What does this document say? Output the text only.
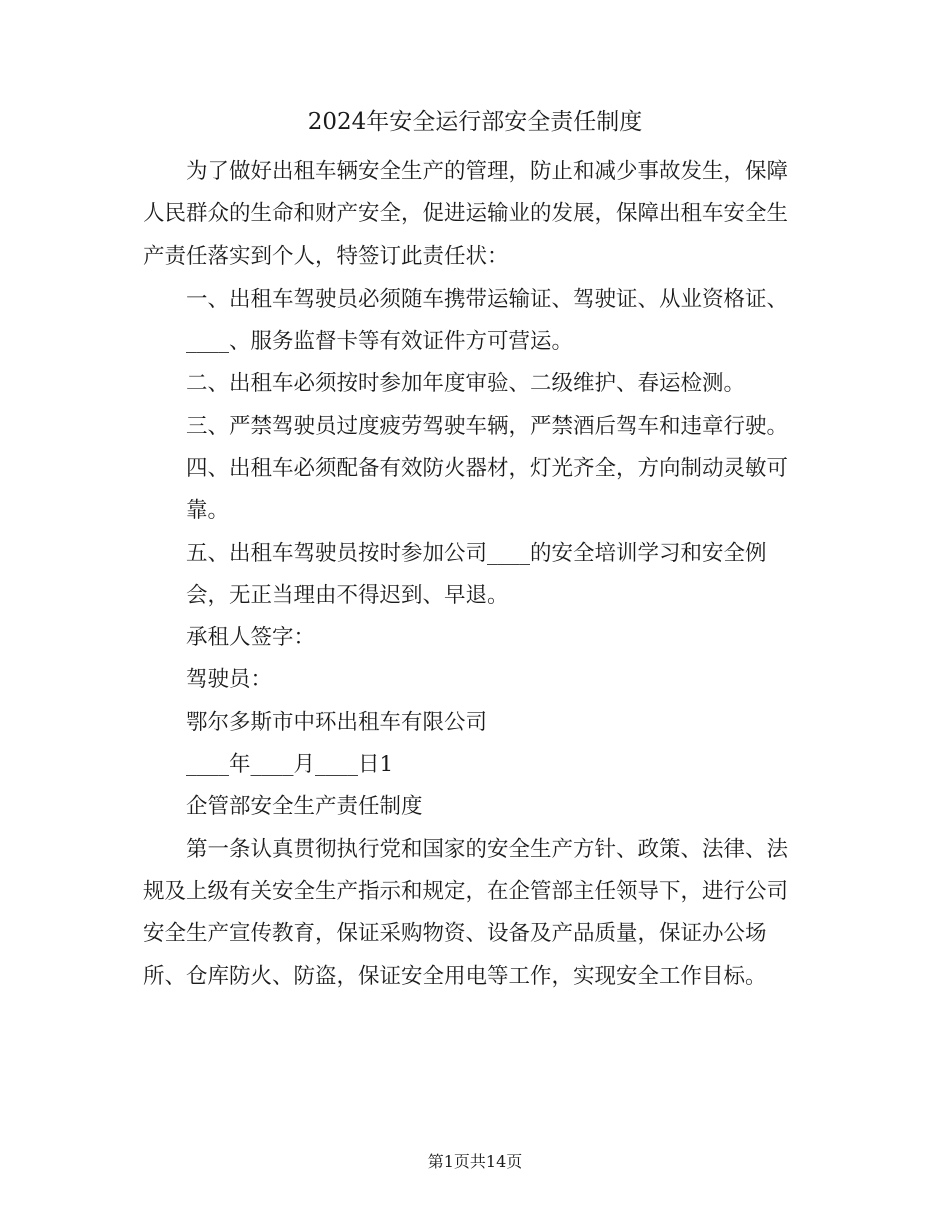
2024年安全运行部安全责任制度

　　为了做好出租车辆安全生产的管理，防止和减少事故发生，保障

人民群众的生命和财产安全，促进运输业的发展，保障出租车安全生

产责任落实到个人，特签订此责任状：

　　一、出租车驾驶员必须随车携带运输证、驾驶证、从业资格证、

　　____、服务监督卡等有效证件方可营运。

　　二、出租车必须按时参加年度审验、二级维护、春运检测。

　　三、严禁驾驶员过度疲劳驾驶车辆，严禁酒后驾车和违章行驶。

　　四、出租车必须配备有效防火器材，灯光齐全，方向制动灵敏可

　　靠。

　　五、出租车驾驶员按时参加公司____的安全培训学习和安全例

　　会，无正当理由不得迟到、早退。

　　承租人签字：

　　驾驶员：

　　鄂尔多斯市中环出租车有限公司

　　____年____月____日1

　　企管部安全生产责任制度

　　第一条认真贯彻执行党和国家的安全生产方针、政策、法律、法

规及上级有关安全生产指示和规定，在企管部主任领导下，进行公司

安全生产宣传教育，保证采购物资、设备及产品质量，保证办公场

所、仓库防火、防盗，保证安全用电等工作，实现安全工作目标。

第1页共14页
